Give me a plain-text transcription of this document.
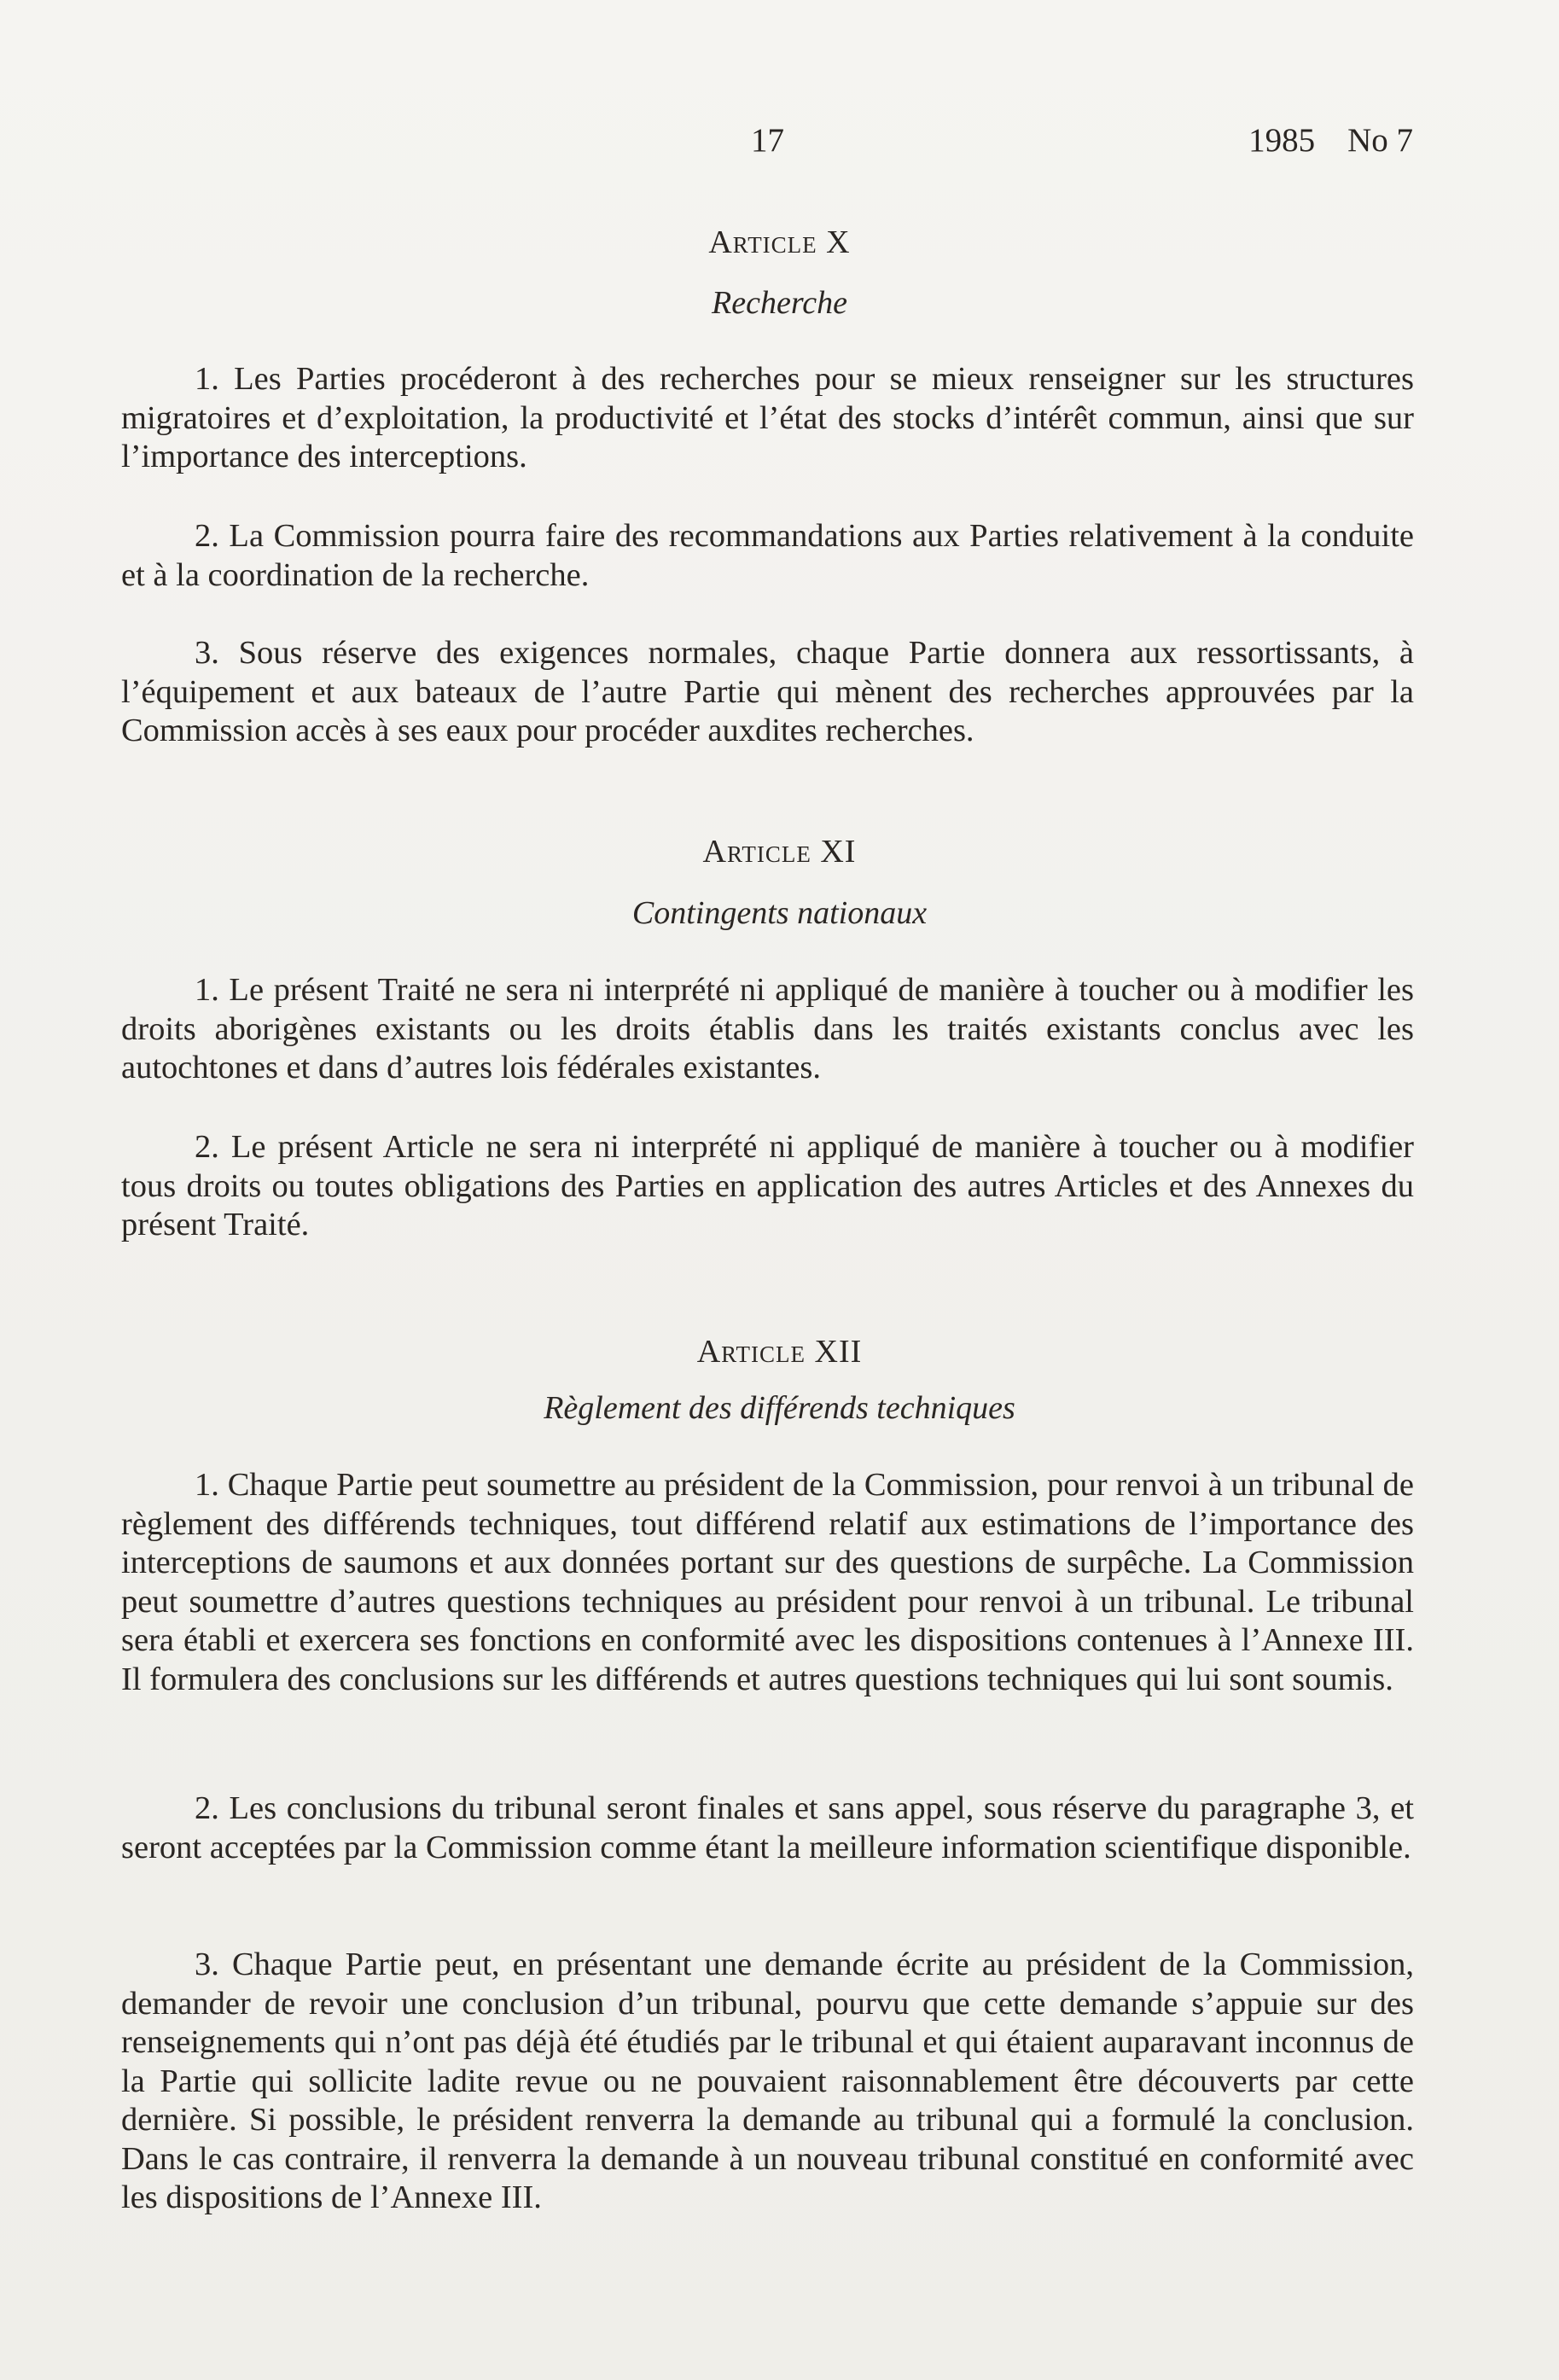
17	1985 No 7
Article X
Recherche

1. Les Parties procéderont à des recherches pour se mieux renseigner sur les structures migratoires et d’exploitation, la productivité et l’état des stocks d’intérêt commun, ainsi que sur l’importance des interceptions.

2. La Commission pourra faire des recommandations aux Parties relativement à la conduite et à la coordination de la recherche.

3. Sous réserve des exigences normales, chaque Partie donnera aux ressortissants, à l’équipement et aux bateaux de l’autre Partie qui mènent des recherches approuvées par la Commission accès à ses eaux pour procéder auxdites recherches.

Article XI
Contingents nationaux

1. Le présent Traité ne sera ni interprété ni appliqué de manière à toucher ou à modifier les droits aborigènes existants ou les droits établis dans les traités existants conclus avec les autochtones et dans d’autres lois fédérales existantes.

2. Le présent Article ne sera ni interprété ni appliqué de manière à toucher ou à modifier tous droits ou toutes obligations des Parties en application des autres Articles et des Annexes du présent Traité.

Article XII
Règlement des différends techniques

1. Chaque Partie peut soumettre au président de la Commission, pour renvoi à un tribunal de règlement des différends techniques, tout différend relatif aux estimations de l’importance des interceptions de saumons et aux données portant sur des questions de surpêche. La Commission peut soumettre d’autres questions techniques au président pour renvoi à un tribunal. Le tribunal sera établi et exercera ses fonctions en conformité avec les dispositions contenues à l’Annexe III. Il formulera des conclusions sur les différends et autres questions techniques qui lui sont soumis.

2. Les conclusions du tribunal seront finales et sans appel, sous réserve du paragraphe 3, et seront acceptées par la Commission comme étant la meilleure information scientifique disponible.

3. Chaque Partie peut, en présentant une demande écrite au président de la Commission, demander de revoir une conclusion d’un tribunal, pourvu que cette demande s’appuie sur des renseignements qui n’ont pas déjà été étudiés par le tribunal et qui étaient auparavant inconnus de la Partie qui sollicite ladite revue ou ne pouvaient raisonnablement être découverts par cette dernière. Si possible, le président renverra la demande au tribunal qui a formulé la conclusion. Dans le cas contraire, il renverra la demande à un nouveau tribunal constitué en conformité avec les dispositions de l’Annexe III.
